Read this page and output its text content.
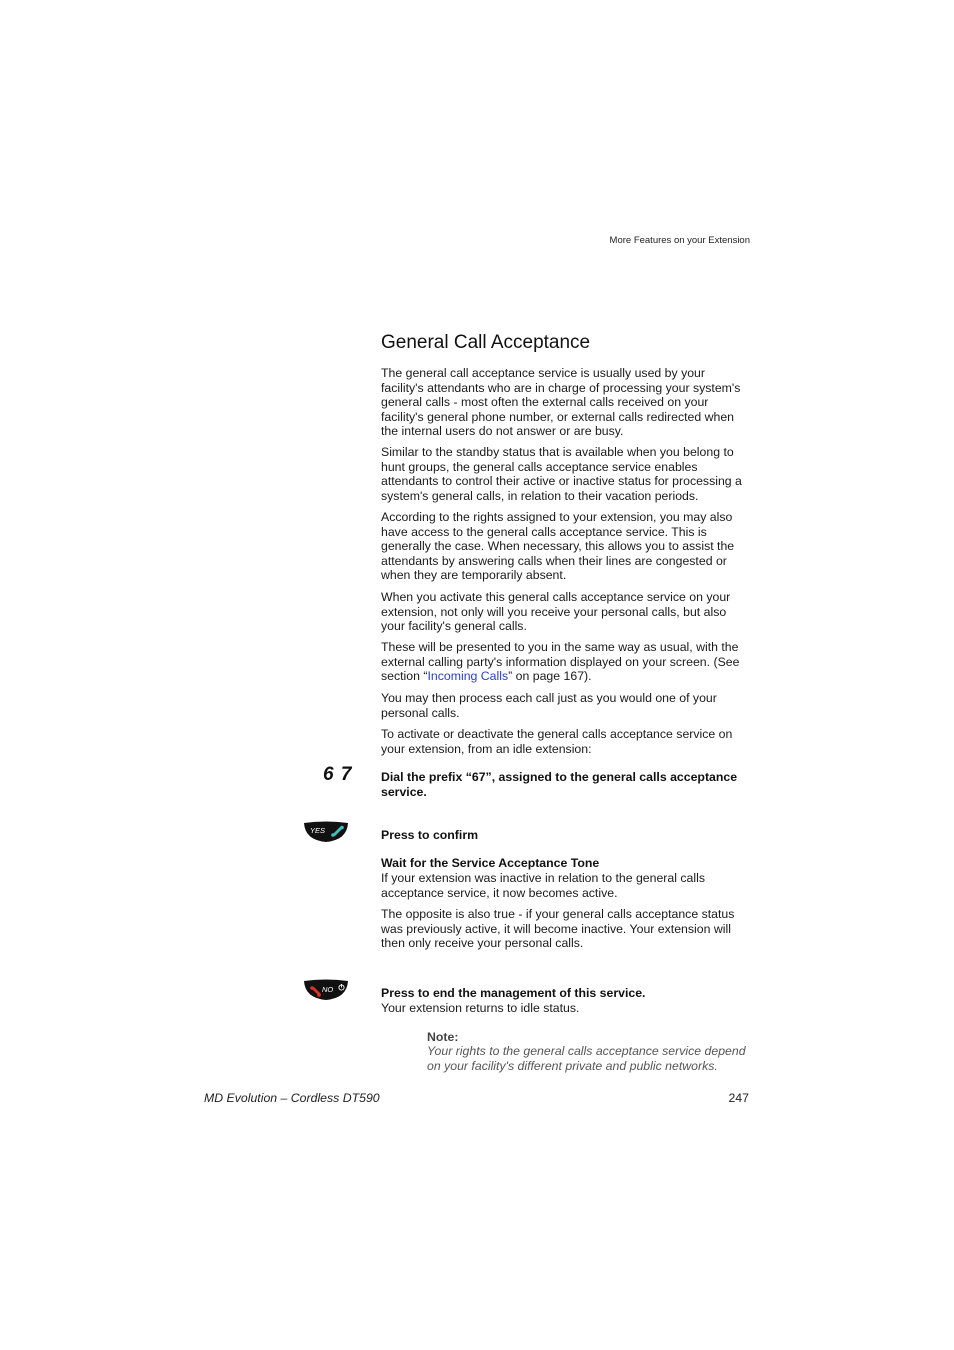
More Features on your Extension
General Call Acceptance

The general call acceptance service is usually used by your facility's attendants who are in charge of processing your system's general calls - most often the external calls received on your facility's general phone number, or external calls redirected when the internal users do not answer or are busy.

Similar to the standby status that is available when you belong to hunt groups, the general calls acceptance service enables attendants to control their active or inactive status for processing a system's general calls, in relation to their vacation periods.

According to the rights assigned to your extension, you may also have access to the general calls acceptance service. This is generally the case. When necessary, this allows you to assist the attendants by answering calls when their lines are congested or when they are temporarily absent.

When you activate this general calls acceptance service on your extension, not only will you receive your personal calls, but also your facility's general calls.

These will be presented to you in the same way as usual, with the external calling party's information displayed on your screen. (See section “Incoming Calls” on page 167).

You may then process each call just as you would one of your personal calls.

To activate or deactivate the general calls acceptance service on your extension, from an idle extension:

6 7 Dial the prefix “67”, assigned to the general calls acceptance service.

YES	Press to confirm

Wait for the Service Acceptance Tone

If your extension was inactive in relation to the general calls acceptance service, it now becomes active.

The opposite is also true - if your general calls acceptance status was previously active, it will become inactive. Your extension will then only receive your personal calls.

NO	Press to end the management of this service.

Your extension returns to idle status.

Note:

Your rights to the general calls acceptance service depend on your facility's different private and public networks.

MD Evolution – Cordless DT590	247
